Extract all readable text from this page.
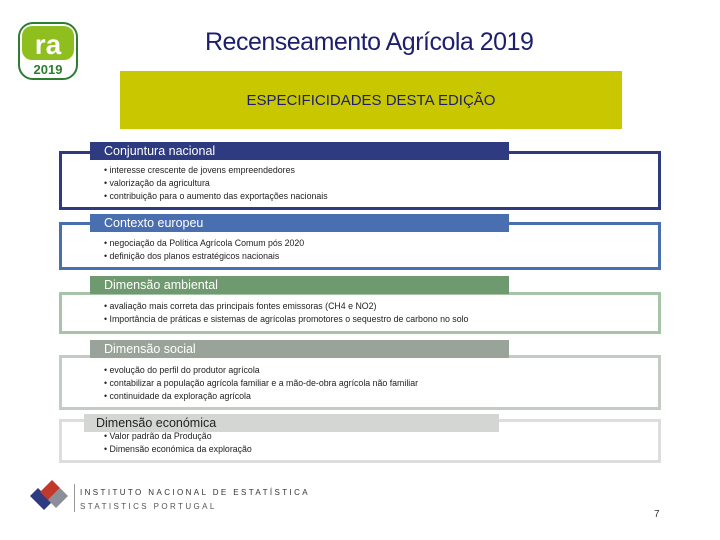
ra
2019
Recenseamento Agrícola 2019
ESPECIFICIDADES DESTA EDIÇÃO
Conjuntura nacional
• interesse crescente de jovens empreendedores
• valorização da agricultura
• contribuição para o aumento das exportações nacionais
Contexto europeu
• negociação da Política Agrícola Comum pós 2020
• definição dos planos estratégicos nacionais
Dimensão ambiental
• avaliação mais correta das principais fontes emissoras (CH4 e NO2)
• Importância de práticas e sistemas de agrícolas promotores o sequestro de carbono no solo
Dimensão social
• evolução do perfil do produtor agrícola
• contabilizar a população agrícola familiar e a mão-de-obra agrícola não familiar
• continuidade da exploração agrícola
Dimensão económica
• Valor padrão da Produção
• Dimensão económica da exploração
INSTITUTO NACIONAL DE ESTATÍSTICA
STATISTICS PORTUGAL
7
